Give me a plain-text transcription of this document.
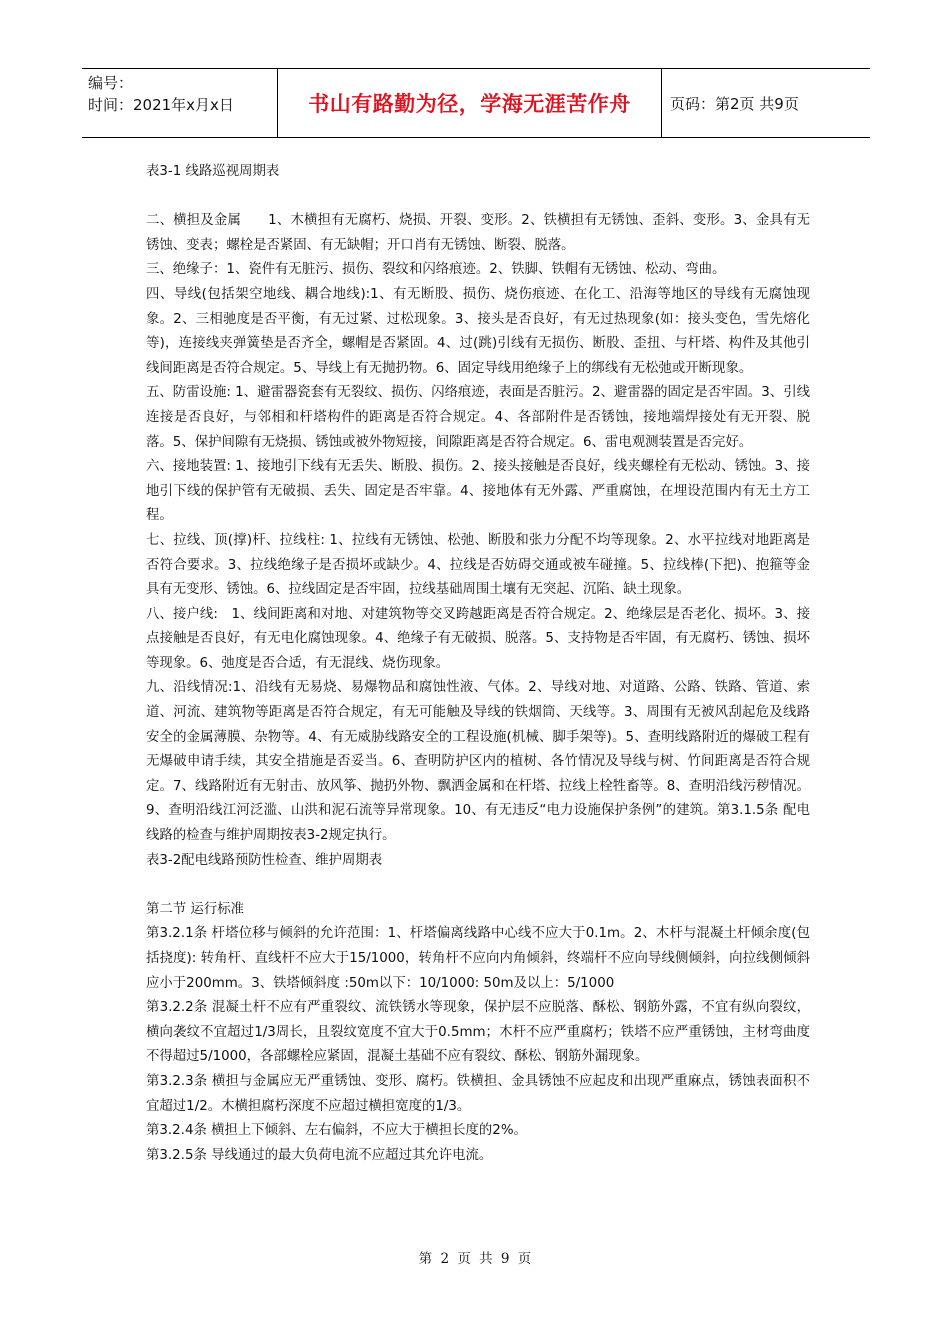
编号：
时间：2021年x月x日	书山有路勤为径，学海无涯苦作舟	页码：第2页 共9页

表3-1 线路巡视周期表

二、横担及金属　　1、木横担有无腐朽、烧损、开裂、变形。2、铁横担有无锈蚀、歪斜、变形。3、金具有无锈蚀、变表；螺栓是否紧固、有无缺帽；开口肖有无锈蚀、断裂、脱落。

三、绝缘子：1、瓷件有无脏污、损伤、裂纹和闪络痕迹。2、铁脚、铁帽有无锈蚀、松动、弯曲。

四、导线(包括架空地线、耦合地线):1、有无断股、损伤、烧伤痕迹、在化工、沿海等地区的导线有无腐蚀现象。2、三相驰度是否平衡，有无过紧、过松现象。3、接头是否良好，有无过热现象(如：接头变色，雪先熔化等)，连接线夹弹簧垫是否齐全，螺帽是否紧固。4、过(跳)引线有无损伤、断股、歪扭、与杆塔、构件及其他引线间距离是否符合规定。5、导线上有无抛扔物。6、固定导线用绝缘子上的绑线有无松弛或开断现象。

五、防雷设施: 1、避雷器瓷套有无裂纹、损伤、闪络痕迹，表面是否脏污。2、避雷器的固定是否牢固。3、引线连接是否良好，与邻相和杆塔构件的距离是否符合规定。4、各部附件是否锈蚀，接地端焊接处有无开裂、脱落。5、保护间隙有无烧损、锈蚀或被外物短接，间隙距离是否符合规定。6、雷电观测装置是否完好。

六、接地装置: 1、接地引下线有无丢失、断股、损伤。2、接头接触是否良好，线夹螺栓有无松动、锈蚀。3、接地引下线的保护管有无破损、丢失、固定是否牢靠。4、接地体有无外露、严重腐蚀，在埋设范围内有无土方工程。

七、拉线、顶(撑)杆、拉线柱: 1、拉线有无锈蚀、松弛、断股和张力分配不均等现象。2、水平拉线对地距离是否符合要求。3、拉线绝缘子是否损坏或缺少。4、拉线是否妨碍交通或被车碰撞。5、拉线棒(下把)、抱箍等金具有无变形、锈蚀。6、拉线固定是否牢固，拉线基础周围土壤有无突起、沉陷、缺土现象。

八、接户线:　1、线间距离和对地、对建筑物等交叉跨越距离是否符合规定。2、绝缘层是否老化、损坏。3、接点接触是否良好，有无电化腐蚀现象。4、绝缘子有无破损、脱落。5、支持物是否牢固，有无腐朽、锈蚀、损坏等现象。6、弛度是否合适，有无混线、烧伤现象。

九、沿线情况:1、沿线有无易烧、易爆物品和腐蚀性液、气体。2、导线对地、对道路、公路、铁路、管道、索道、河流、建筑物等距离是否符合规定，有无可能触及导线的铁烟筒、天线等。3、周围有无被风刮起危及线路安全的金属薄膜、杂物等。4、有无威胁线路安全的工程设施(机械、脚手架等)。5、查明线路附近的爆破工程有无爆破申请手续，其安全措施是否妥当。6、查明防护区内的植树、各竹情况及导线与树、竹间距离是否符合规定。7、线路附近有无射击、放风筝、抛扔外物、飘洒金属和在杆塔、拉线上栓牲畜等。8、查明沿线污秽情况。9、查明沿线江河泛滥、山洪和泥石流等异常现象。10、有无违反“电力设施保护条例”的建筑。第3.1.5条 配电线路的检查与维护周期按表3-2规定执行。

表3-2配电线路预防性检查、维护周期表

第二节 运行标准

第3.2.1条 杆塔位移与倾斜的允许范围：1、杆塔偏离线路中心线不应大于0.1m。2、木杆与混凝土杆倾余度(包括挠度): 转角杆、直线杆不应大于15/1000，转角杆不应向内角倾斜，终端杆不应向导线侧倾斜，向拉线侧倾斜应小于200mm。3、铁塔倾斜度 :50m以下：10/1000: 50m及以上：5/1000

第3.2.2条 混凝土杆不应有严重裂纹、流铁锈水等现象，保护层不应脱落、酥松、钢筋外露，不宜有纵向裂纹，横向袭纹不宜超过1/3周长，且裂纹宽度不宜大于0.5mm；木杆不应严重腐朽；铁塔不应严重锈蚀，主材弯曲度不得超过5/1000，各部螺栓应紧固，混凝土基础不应有裂纹、酥松、钢筋外漏现象。

第3.2.3条 横担与金属应无严重锈蚀、变形、腐朽。铁横担、金具锈蚀不应起皮和出现严重麻点，锈蚀表面积不宜超过1/2。木横担腐朽深度不应超过横担宽度的1/3。

第3.2.4条 横担上下倾斜、左右偏斜，不应大于横担长度的2%。

第3.2.5条 导线通过的最大负荷电流不应超过其允许电流。

第 2 页 共 9 页
